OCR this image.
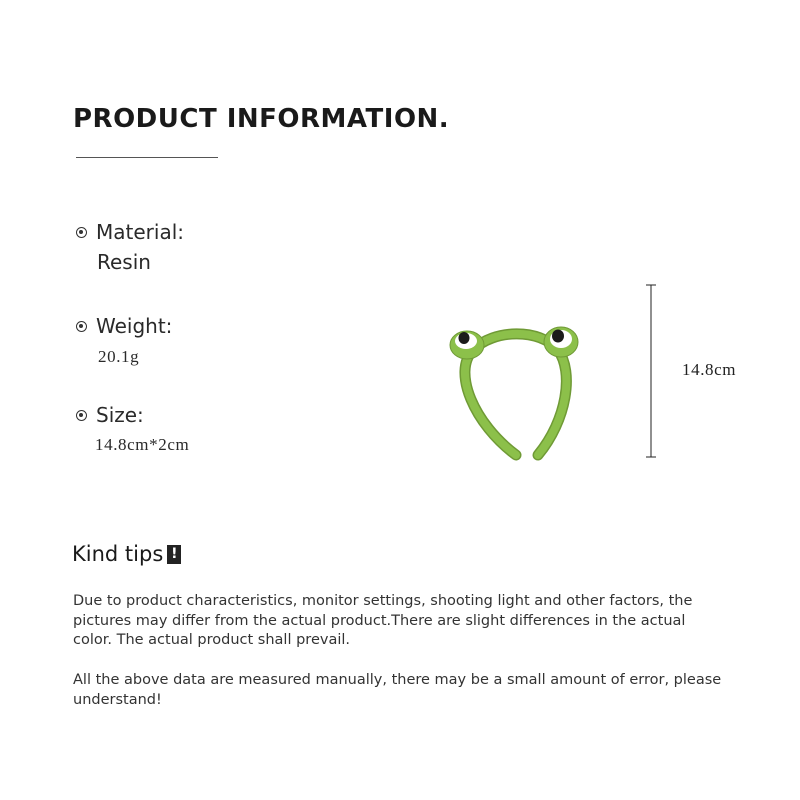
PRODUCT INFORMATION.
Material:
Resin
Weight:
20.1g
Size:
14.8cm*2cm
14.8cm
Kind tips !
Due to product characteristics, monitor settings, shooting light and other factors, the pictures may differ from the actual product.There are slight differences in the actual color. The actual product shall prevail.
All the above data are measured manually, there may be a small amount of error, please understand!
